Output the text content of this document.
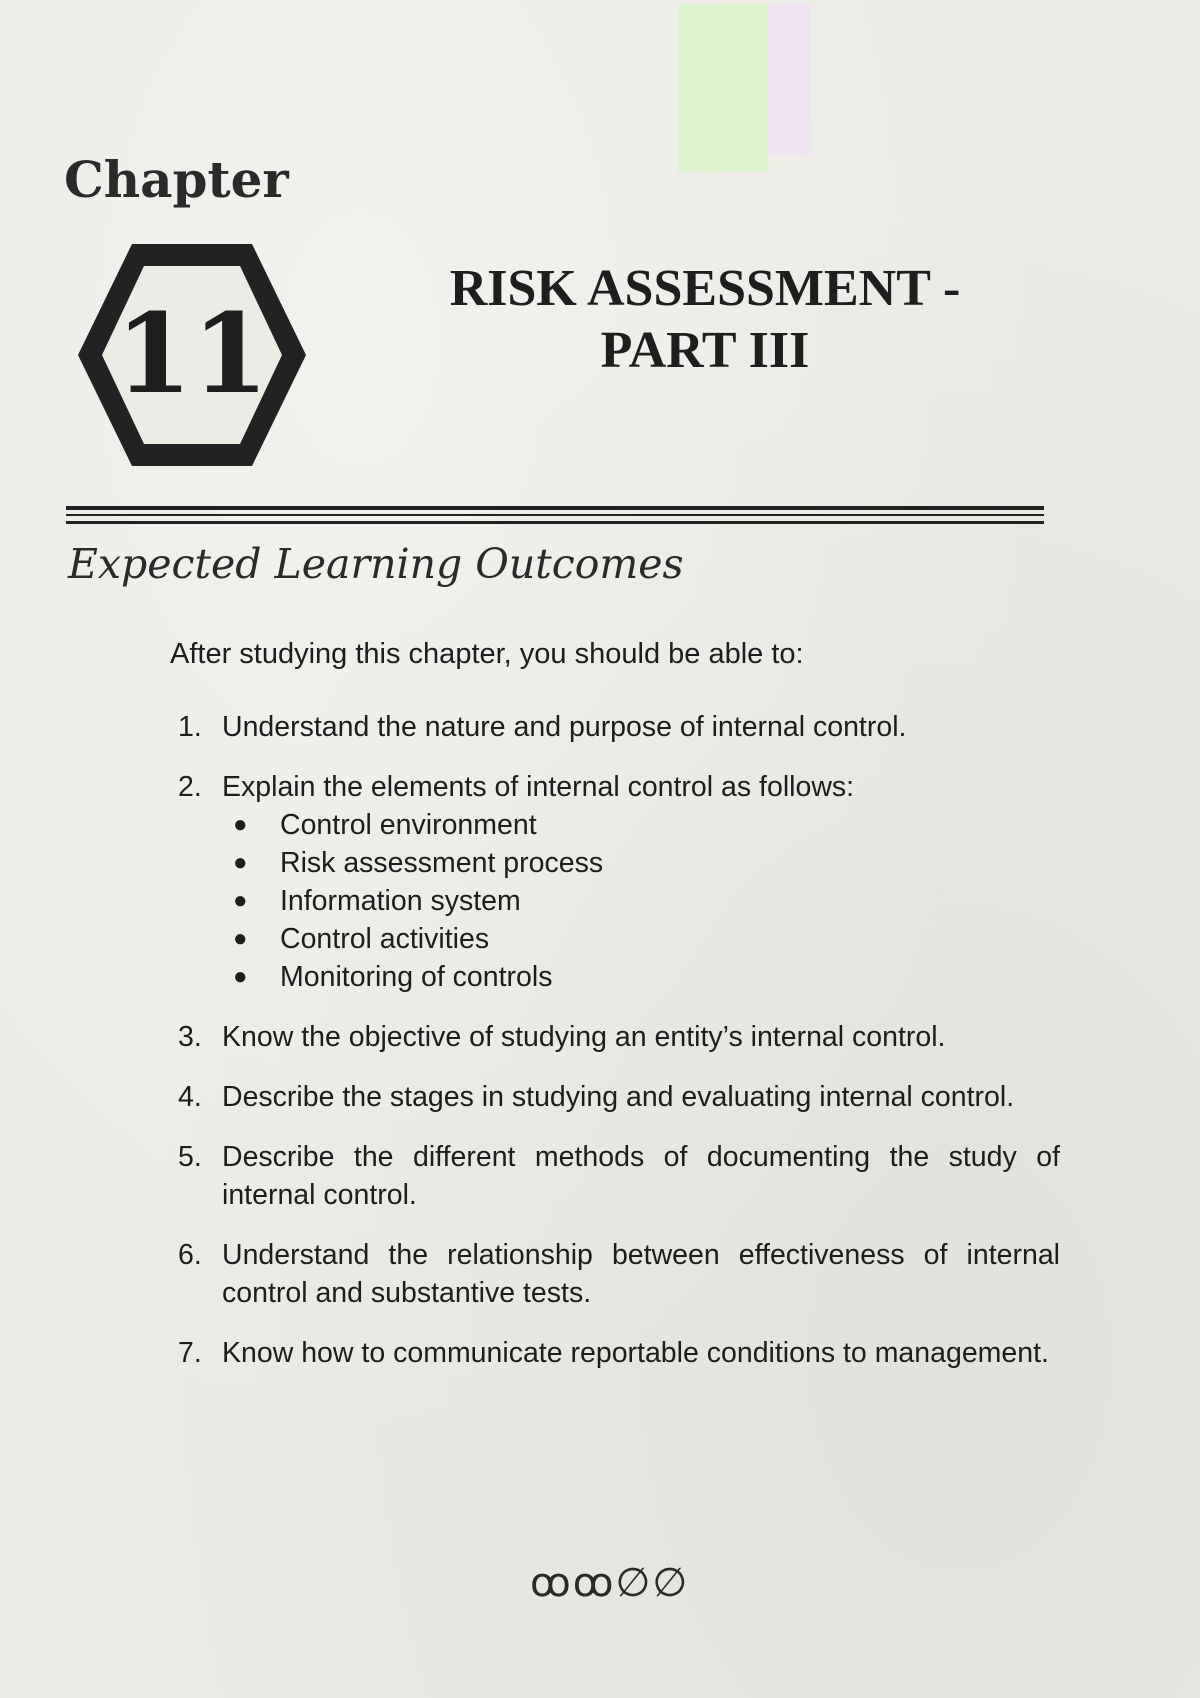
Chapter
11
RISK ASSESSMENT -
PART III
Expected Learning Outcomes
After studying this chapter, you should be able to:
1. Understand the nature and purpose of internal control.
2. Explain the elements of internal control as follows:
● Control environment
● Risk assessment process
● Information system
● Control activities
● Monitoring of controls
3. Know the objective of studying an entity’s internal control.
4. Describe the stages in studying and evaluating internal control.
5. Describe the different methods of documenting the study of internal control.
6. Understand the relationship between effectiveness of internal control and substantive tests.
7. Know how to communicate reportable conditions to management.
ꝏꝏ∅∅
